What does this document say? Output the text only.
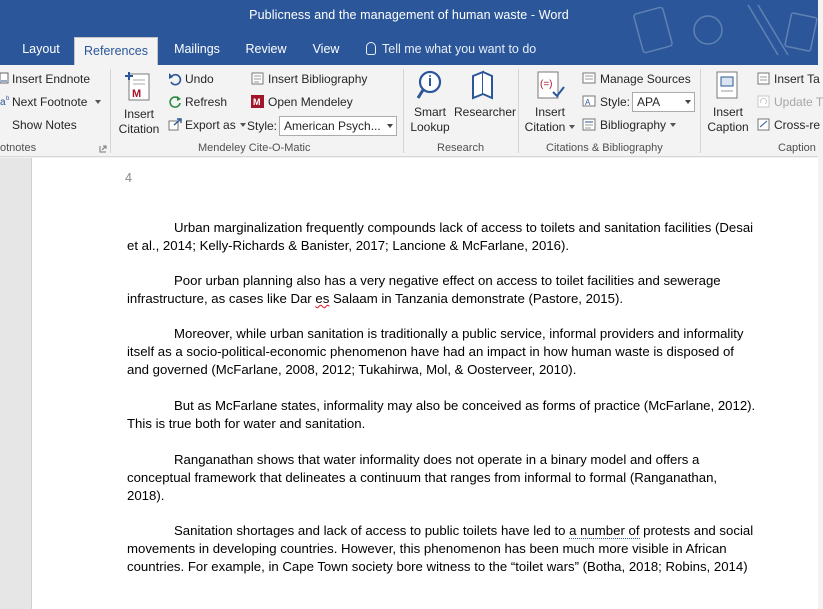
Publicness and the management of human waste - Word
Layout	References	Mailings	Review	View	Tell me what you want to do
Insert Endnote
a b Next Footnote
Show Notes
otnotes
M
Insert
Citation
Undo
Refresh
Export as
Insert Bibliography
M Open Mendeley
Style: American Psych...
Mendeley Cite-O-Matic
Smart
Lookup
Researcher
Research
(=)
Insert
Citation
Manage Sources
A Style: APA
Bibliography
Citations & Bibliography
Insert
Caption
Insert Ta
Update T
Cross-re
Caption
4

Urban marginalization frequently compounds lack of access to toilets and sanitation facilities (Desai et al., 2014; Kelly-Richards & Banister, 2017; Lancione & McFarlane, 2016).

Poor urban planning also has a very negative effect on access to toilet facilities and sewerage infrastructure, as cases like Dar es Salaam in Tanzania demonstrate (Pastore, 2015).

Moreover, while urban sanitation is traditionally a public service, informal providers and informality itself as a socio-political-economic phenomenon have had an impact in how human waste is disposed of and governed (McFarlane, 2008, 2012; Tukahirwa, Mol, & Oosterveer, 2010).

But as McFarlane states, informality may also be conceived as forms of practice (McFarlane, 2012). This is true both for water and sanitation.

Ranganathan shows that water informality does not operate in a binary model and offers a conceptual framework that delineates a continuum that ranges from informal to formal (Ranganathan, 2018).

Sanitation shortages and lack of access to public toilets have led to a number of protests and social movements in developing countries. However, this phenomenon has been much more visible in African countries. For example, in Cape Town society bore witness to the “toilet wars” (Botha, 2018; Robins, 2014)
